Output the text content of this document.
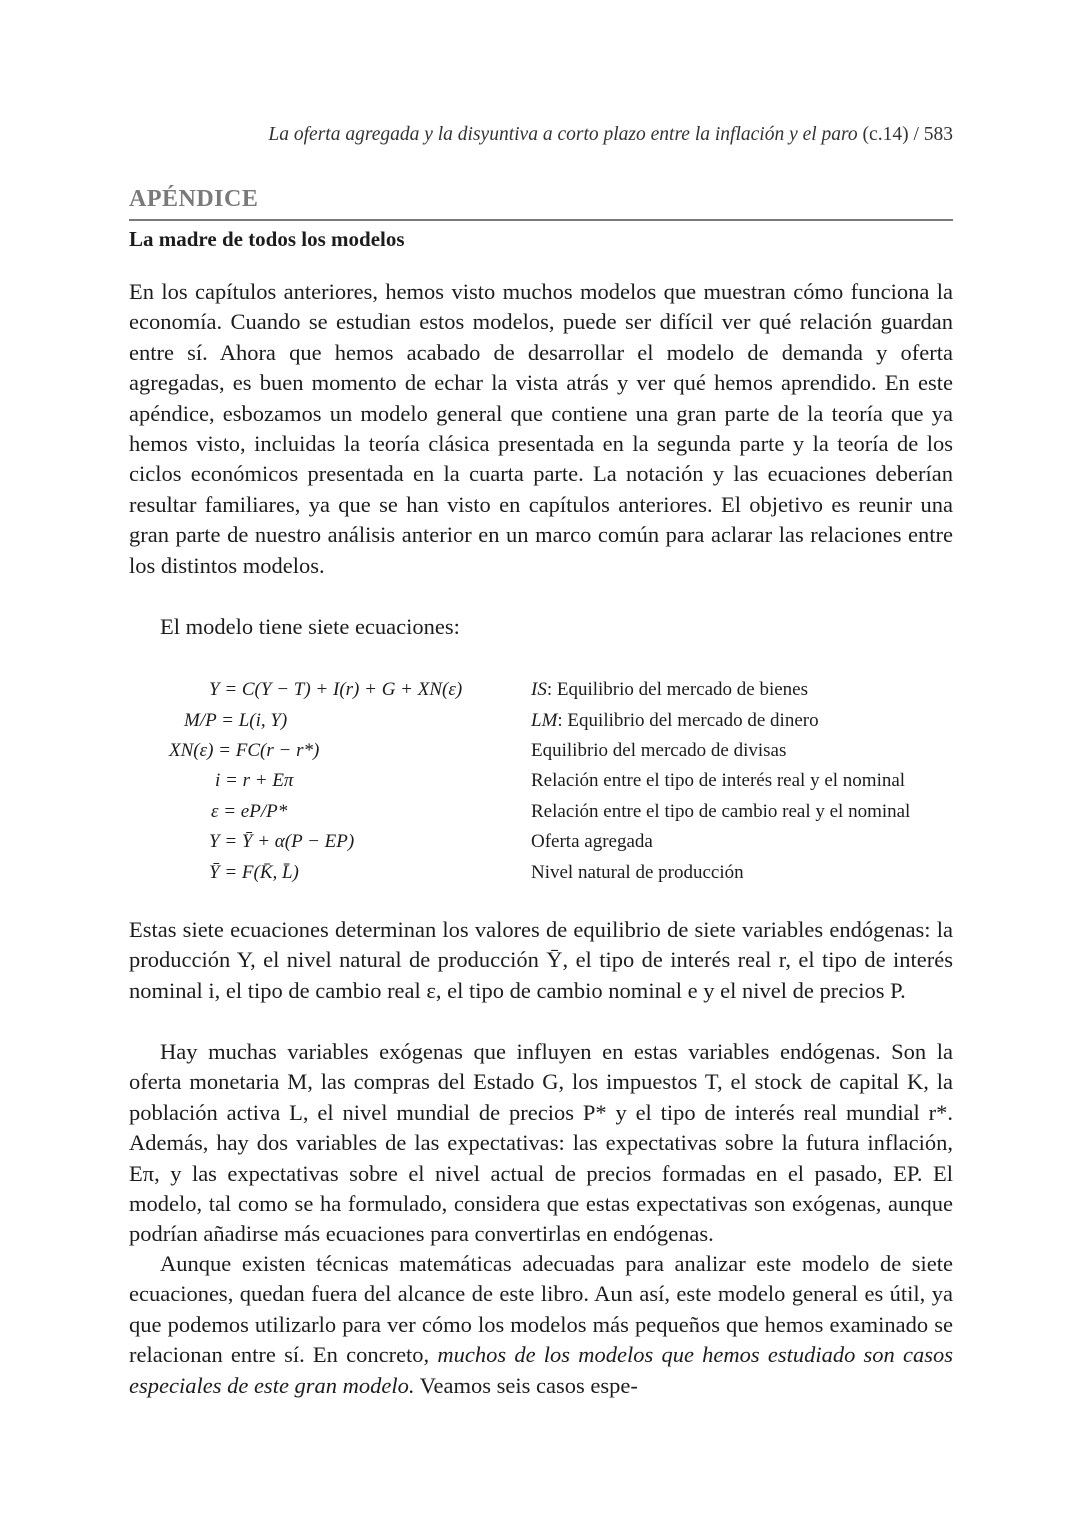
La oferta agregada y la disyuntiva a corto plazo entre la inflación y el paro (c.14) / 583
APÉNDICE
La madre de todos los modelos

En los capítulos anteriores, hemos visto muchos modelos que muestran cómo funciona la economía. Cuando se estudian estos modelos, puede ser difícil ver qué relación guardan entre sí. Ahora que hemos acabado de desarrollar el modelo de demanda y oferta agregadas, es buen momento de echar la vista atrás y ver qué hemos aprendido. En este apéndice, esbozamos un modelo general que contiene una gran parte de la teoría que ya hemos visto, incluidas la teoría clásica presentada en la segunda parte y la teoría de los ciclos económicos presentada en la cuarta parte. La notación y las ecuaciones deberían resultar familiares, ya que se han visto en capítulos anteriores. El objetivo es reunir una gran parte de nuestro análisis anterior en un marco común para aclarar las relaciones entre los distintos modelos.

El modelo tiene siete ecuaciones:

Y = C(Y − T) + I(r) + G + XN(ε)	IS: Equilibrio del mercado de bienes
M/P = L(i, Y)	LM: Equilibrio del mercado de dinero
XN(ε) = FC(r − r*)	Equilibrio del mercado de divisas
i = r + Eπ	Relación entre el tipo de interés real y el nominal
ε = eP/P*	Relación entre el tipo de cambio real y el nominal
Y = Ȳ + α(P − EP)	Oferta agregada
Ȳ = F(K̄, L̄)	Nivel natural de producción

Estas siete ecuaciones determinan los valores de equilibrio de siete variables endógenas: la producción Y, el nivel natural de producción Ȳ, el tipo de interés real r, el tipo de interés nominal i, el tipo de cambio real ε, el tipo de cambio nominal e y el nivel de precios P.

Hay muchas variables exógenas que influyen en estas variables endógenas. Son la oferta monetaria M, las compras del Estado G, los impuestos T, el stock de capital K, la población activa L, el nivel mundial de precios P* y el tipo de interés real mundial r*. Además, hay dos variables de las expectativas: las expectativas sobre la futura inflación, Eπ, y las expectativas sobre el nivel actual de precios formadas en el pasado, EP. El modelo, tal como se ha formulado, considera que estas expectativas son exógenas, aunque podrían añadirse más ecuaciones para convertirlas en endógenas.

Aunque existen técnicas matemáticas adecuadas para analizar este modelo de siete ecuaciones, quedan fuera del alcance de este libro. Aun así, este modelo general es útil, ya que podemos utilizarlo para ver cómo los modelos más pequeños que hemos examinado se relacionan entre sí. En concreto, muchos de los modelos que hemos estudiado son casos especiales de este gran modelo. Veamos seis casos espe-
